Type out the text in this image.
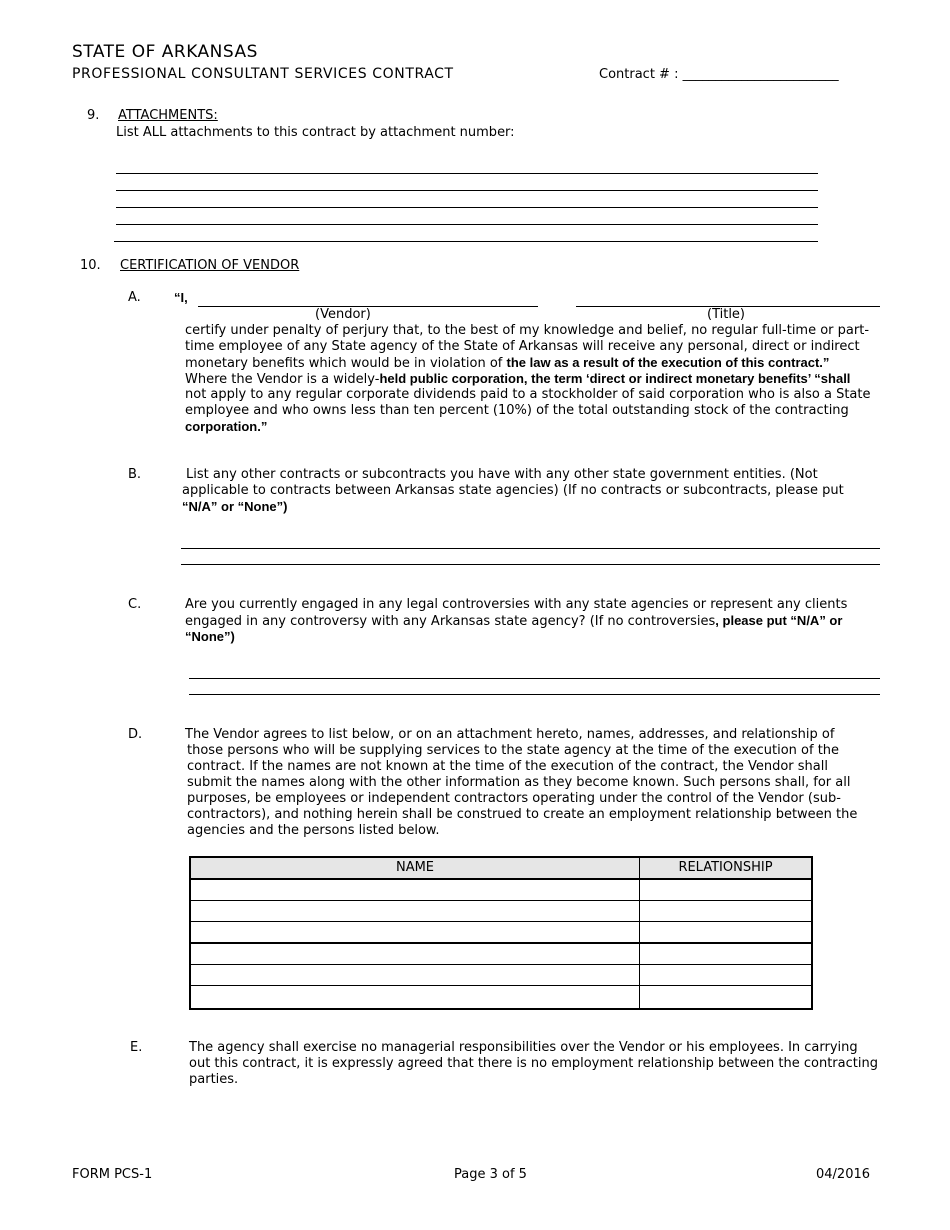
STATE OF ARKANSAS
PROFESSIONAL CONSULTANT SERVICES CONTRACT	Contract # : ________________________
9. ATTACHMENTS:
List ALL attachments to this contract by attachment number:
10. CERTIFICATION OF VENDOR
A.	“I,
(Vendor)	(Title)
certify under penalty of perjury that, to the best of my knowledge and belief, no regular full-time or part-
time employee of any State agency of the State of Arkansas will receive any personal, direct or indirect
monetary benefits which would be in violation of the law as a result of the execution of this contract.”
Where the Vendor is a widely-held public corporation, the term ‘direct or indirect monetary benefits’ “shall
not apply to any regular corporate dividends paid to a stockholder of said corporation who is also a State
employee and who owns less than ten percent (10%) of the total outstanding stock of the contracting
corporation.”
B.	List any other contracts or subcontracts you have with any other state government entities. (Not
applicable to contracts between Arkansas state agencies) (If no contracts or subcontracts, please put
“N/A” or “None”)
C.	Are you currently engaged in any legal controversies with any state agencies or represent any clients
engaged in any controversy with any Arkansas state agency? (If no controversies, please put “N/A” or
“None”)
D.	The Vendor agrees to list below, or on an attachment hereto, names, addresses, and relationship of
those persons who will be supplying services to the state agency at the time of the execution of the
contract. If the names are not known at the time of the execution of the contract, the Vendor shall
submit the names along with the other information as they become known. Such persons shall, for all
purposes, be employees or independent contractors operating under the control of the Vendor (sub-
contractors), and nothing herein shall be construed to create an employment relationship between the
agencies and the persons listed below.
NAME	RELATIONSHIP

E.	The agency shall exercise no managerial responsibilities over the Vendor or his employees. In carrying
out this contract, it is expressly agreed that there is no employment relationship between the contracting
parties.
FORM PCS-1	Page 3 of 5	04/2016
